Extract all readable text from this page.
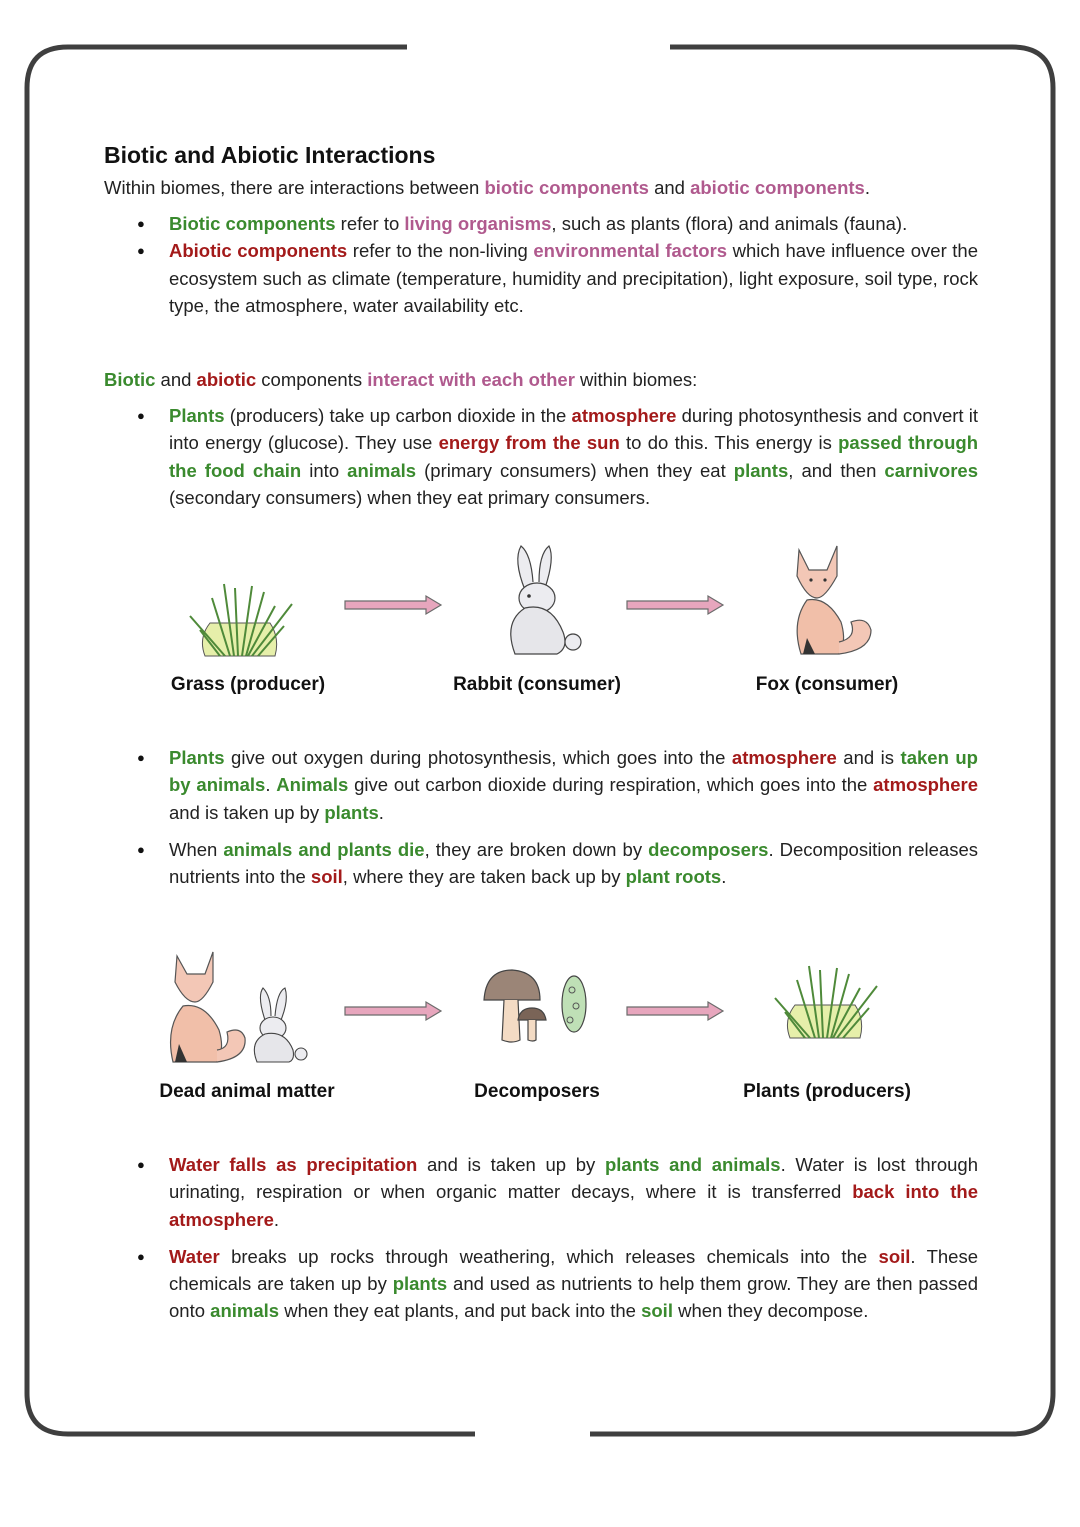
Biotic and Abiotic Interactions

Within biomes, there are interactions between biotic components and abiotic components.

● Biotic components refer to living organisms, such as plants (flora) and animals (fauna).
● Abiotic components refer to the non-living environmental factors which have influence over the ecosystem such as climate (temperature, humidity and precipitation), light exposure, soil type, rock type, the atmosphere, water availability etc.

Biotic and abiotic components interact with each other within biomes:

● Plants (producers) take up carbon dioxide in the atmosphere during photosynthesis and convert it into energy (glucose). They use energy from the sun to do this. This energy is passed through the food chain into animals (primary consumers) when they eat plants, and then carnivores (secondary consumers) when they eat primary consumers.
Grass (producer)	Rabbit (consumer)	Fox (consumer)
● Plants give out oxygen during photosynthesis, which goes into the atmosphere and is taken up by animals. Animals give out carbon dioxide during respiration, which goes into the atmosphere and is taken up by plants.
● When animals and plants die, they are broken down by decomposers. Decomposition releases nutrients into the soil, where they are taken back up by plant roots.
Dead animal matter	Decomposers	Plants (producers)
● Water falls as precipitation and is taken up by plants and animals. Water is lost through urinating, respiration or when organic matter decays, where it is transferred back into the atmosphere.
● Water breaks up rocks through weathering, which releases chemicals into the soil. These chemicals are taken up by plants and used as nutrients to help them grow. They are then passed onto animals when they eat plants, and put back into the soil when they decompose.
